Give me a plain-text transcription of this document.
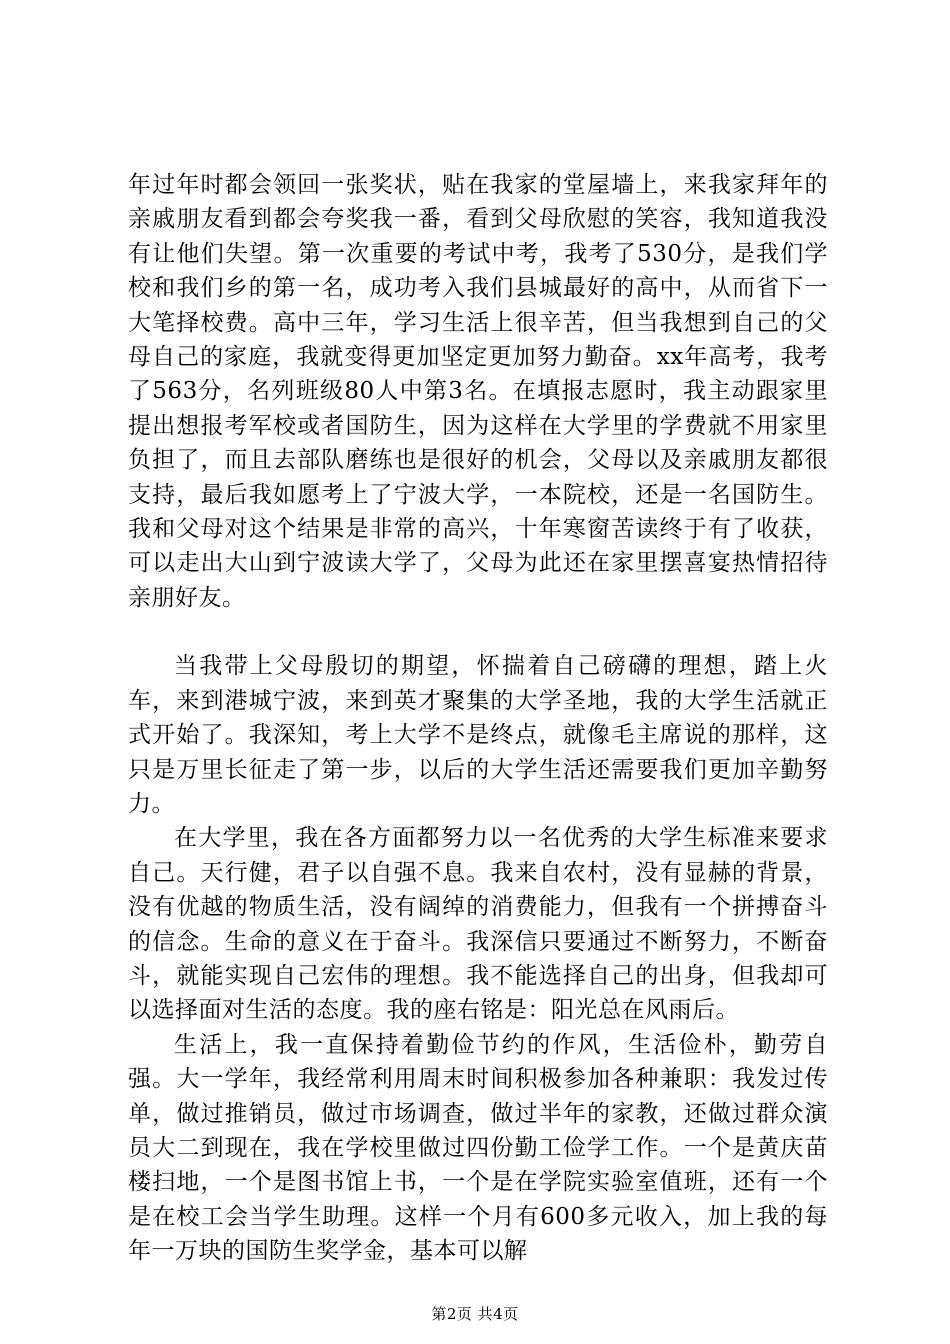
年过年时都会领回一张奖状，贴在我家的堂屋墙上，来我家拜年的亲戚朋友看到都会夸奖我一番，看到父母欣慰的笑容，我知道我没有让他们失望。第一次重要的考试中考，我考了530分，是我们学校和我们乡的第一名，成功考入我们县城最好的高中，从而省下一大笔择校费。高中三年，学习生活上很辛苦，但当我想到自己的父母自己的家庭，我就变得更加坚定更加努力勤奋。xx年高考，我考了563分，名列班级80人中第3名。在填报志愿时，我主动跟家里提出想报考军校或者国防生，因为这样在大学里的学费就不用家里负担了，而且去部队磨练也是很好的机会，父母以及亲戚朋友都很支持，最后我如愿考上了宁波大学，一本院校，还是一名国防生。我和父母对这个结果是非常的高兴，十年寒窗苦读终于有了收获，可以走出大山到宁波读大学了，父母为此还在家里摆喜宴热情招待亲朋好友。

当我带上父母殷切的期望，怀揣着自己磅礴的理想，踏上火车，来到港城宁波，来到英才聚集的大学圣地，我的大学生活就正式开始了。我深知，考上大学不是终点，就像毛主席说的那样，这只是万里长征走了第一步，以后的大学生活还需要我们更加辛勤努力。

在大学里，我在各方面都努力以一名优秀的大学生标准来要求自己。天行健，君子以自强不息。我来自农村，没有显赫的背景，没有优越的物质生活，没有阔绰的消费能力，但我有一个拼搏奋斗的信念。生命的意义在于奋斗。我深信只要通过不断努力，不断奋斗，就能实现自己宏伟的理想。我不能选择自己的出身，但我却可以选择面对生活的态度。我的座右铭是：阳光总在风雨后。

生活上，我一直保持着勤俭节约的作风，生活俭朴，勤劳自强。大一学年，我经常利用周末时间积极参加各种兼职：我发过传单，做过推销员，做过市场调查，做过半年的家教，还做过群众演员大二到现在，我在学校里做过四份勤工俭学工作。一个是黄庆苗楼扫地，一个是图书馆上书，一个是在学院实验室值班，还有一个是在校工会当学生助理。这样一个月有600多元收入，加上我的每年一万块的国防生奖学金，基本可以解

第2页 共4页
